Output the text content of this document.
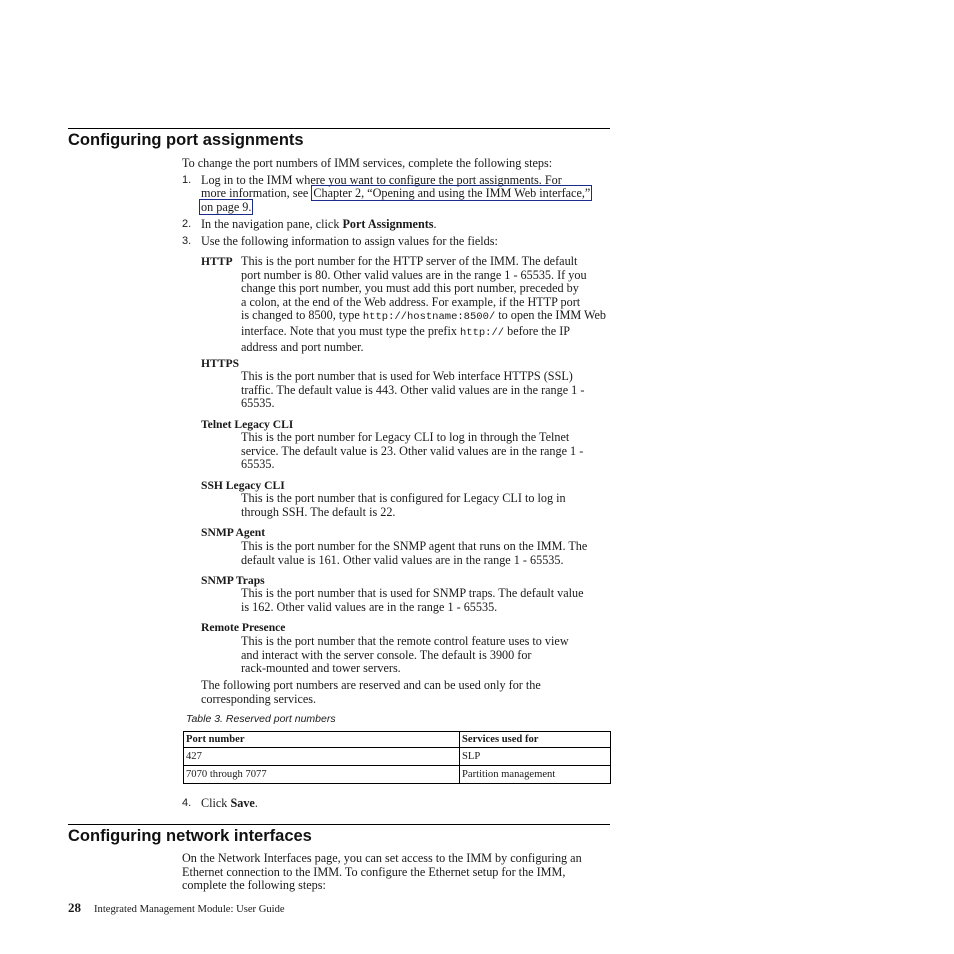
Configuring port assignments

To change the port numbers of IMM services, complete the following steps:

1. Log in to the IMM where you want to configure the port assignments. For

more information, see Chapter 2, “Opening and using the IMM Web interface,”

on page 9.

2. In the navigation pane, click Port Assignments.

3. Use the following information to assign values for the fields:

HTTP This is the port number for the HTTP server of the IMM. The default
port number is 80. Other valid values are in the range 1 - 65535. If you
change this port number, you must add this port number, preceded by
a colon, at the end of the Web address. For example, if the HTTP port
is changed to 8500, type http://hostname:8500/ to open the IMM Web
interface. Note that you must type the prefix http:// before the IP
address and port number.
HTTPS
This is the port number that is used for Web interface HTTPS (SSL)
traffic. The default value is 443. Other valid values are in the range 1 -
65535.
Telnet Legacy CLI
This is the port number for Legacy CLI to log in through the Telnet
service. The default value is 23. Other valid values are in the range 1 -
65535.
SSH Legacy CLI
This is the port number that is configured for Legacy CLI to log in
through SSH. The default is 22.
SNMP Agent
This is the port number for the SNMP agent that runs on the IMM. The
default value is 161. Other valid values are in the range 1 - 65535.
SNMP Traps
This is the port number that is used for SNMP traps. The default value
is 162. Other valid values are in the range 1 - 65535.
Remote Presence
This is the port number that the remote control feature uses to view
and interact with the server console. The default is 3900 for
rack-mounted and tower servers.
The following port numbers are reserved and can be used only for the
corresponding services.
Table 3. Reserved port numbers
Port number	Services used for
427	SLP
7070 through 7077	Partition management
4. Click Save.

Configuring network interfaces
On the Network Interfaces page, you can set access to the IMM by configuring an
Ethernet connection to the IMM. To configure the Ethernet setup for the IMM,
complete the following steps:
28 Integrated Management Module: User Guide
